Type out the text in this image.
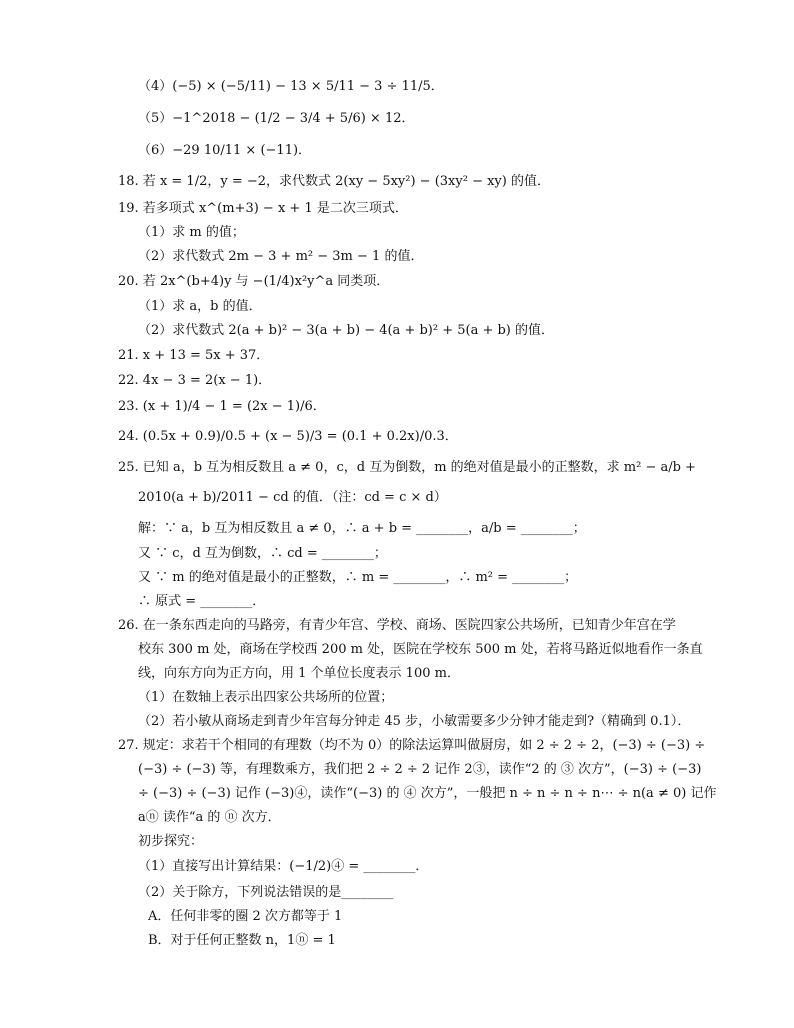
（4）(−5) × (−5/11) − 13 × 5/11 − 3 ÷ 11/5．
（5）−1^2018 − (1/2 − 3/4 + 5/6) × 12．
（6）−29 10/11 × (−11)．
18. 若 x = 1/2，y = −2，求代数式 2(xy − 5xy²) − (3xy² − xy) 的值．
19. 若多项式 x^(m+3) − x + 1 是二次三项式．
（1）求 m 的值；
（2）求代数式 2m − 3 + m² − 3m − 1 的值．
20. 若 2x^(b+4)y 与 −(1/4)x²y^a 同类项．
（1）求 a，b 的值．
（2）求代数式 2(a + b)² − 3(a + b) − 4(a + b)² + 5(a + b) 的值．
21. x + 13 = 5x + 37．
22. 4x − 3 = 2(x − 1)．
23. (x + 1)/4 − 1 = (2x − 1)/6．
24. (0.5x + 0.9)/0.5 + (x − 5)/3 = (0.1 + 0.2x)/0.3．
25. 已知 a，b 互为相反数且 a ≠ 0，c，d 互为倒数，m 的绝对值是最小的正整数，求 m² − a/b +
2010(a + b)/2011 − cd 的值．（注：cd = c × d）
解：∵ a，b 互为相反数且 a ≠ 0，∴ a + b = ________，a/b = ________；
又 ∵ c，d 互为倒数，∴ cd = ________；
又 ∵ m 的绝对值是最小的正整数，∴ m = ________，∴ m² = ________；
∴ 原式 = ________．
26. 在一条东西走向的马路旁，有青少年宫、学校、商场、医院四家公共场所，已知青少年宫在学
校东 300 m 处，商场在学校西 200 m 处，医院在学校东 500 m 处，若将马路近似地看作一条直
线，向东方向为正方向，用 1 个单位长度表示 100 m．
（1）在数轴上表示出四家公共场所的位置；
（2）若小敏从商场走到青少年宫每分钟走 45 步，小敏需要多少分钟才能走到?（精确到 0.1）．
27. 规定：求若干个相同的有理数（均不为 0）的除法运算叫做厨房，如 2 ÷ 2 ÷ 2，(−3) ÷ (−3) ÷
(−3) ÷ (−3) 等，有理数乘方，我们把 2 ÷ 2 ÷ 2 记作 2③，读作“2 的 ③ 次方”，(−3) ÷ (−3)
÷ (−3) ÷ (−3) 记作 (−3)④，读作“(−3) 的 ④ 次方”，一般把 n ÷ n ÷ n ÷ n⋯ ÷ n(a ≠ 0) 记作
aⓝ 读作“a 的 ⓝ 次方．
初步探究：
（1）直接写出计算结果：(−1/2)④ = ________．
（2）关于除方，下列说法错误的是________
A．任何非零的圈 2 次方都等于 1
B．对于任何正整数 n，1ⓝ = 1
